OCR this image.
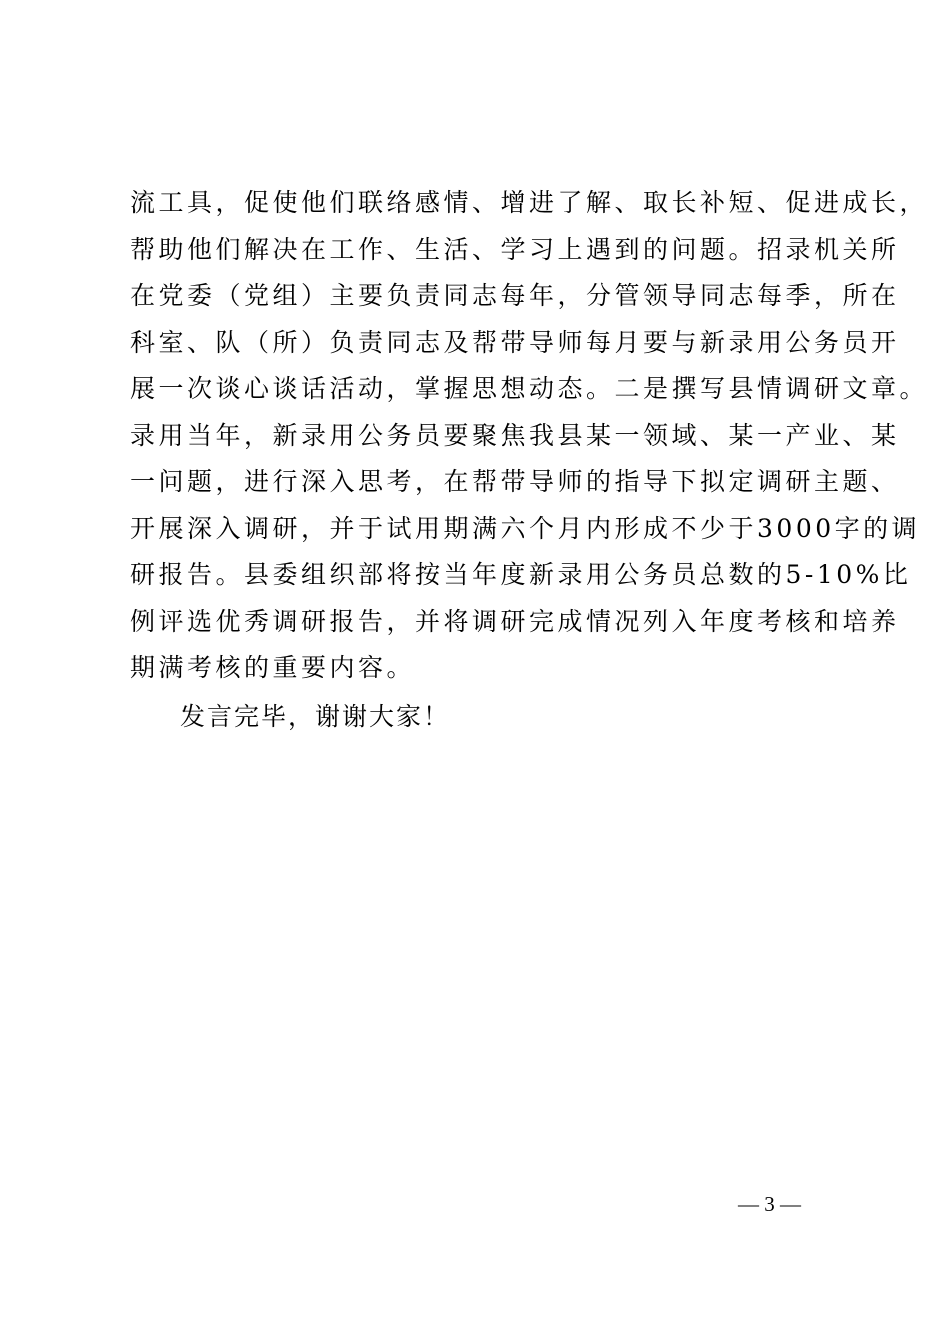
流工具，促使他们联络感情、增进了解、取长补短、促进成长，
帮助他们解决在工作、生活、学习上遇到的问题。招录机关所
在党委（党组）主要负责同志每年，分管领导同志每季，所在
科室、队（所）负责同志及帮带导师每月要与新录用公务员开
展一次谈心谈话活动，掌握思想动态。二是撰写县情调研文章。
录用当年，新录用公务员要聚焦我县某一领域、某一产业、某
一问题，进行深入思考，在帮带导师的指导下拟定调研主题、
开展深入调研，并于试用期满六个月内形成不少于3000字的调
研报告。县委组织部将按当年度新录用公务员总数的5-10%比
例评选优秀调研报告，并将调研完成情况列入年度考核和培养
期满考核的重要内容。
发言完毕，谢谢大家！
— 3 —
